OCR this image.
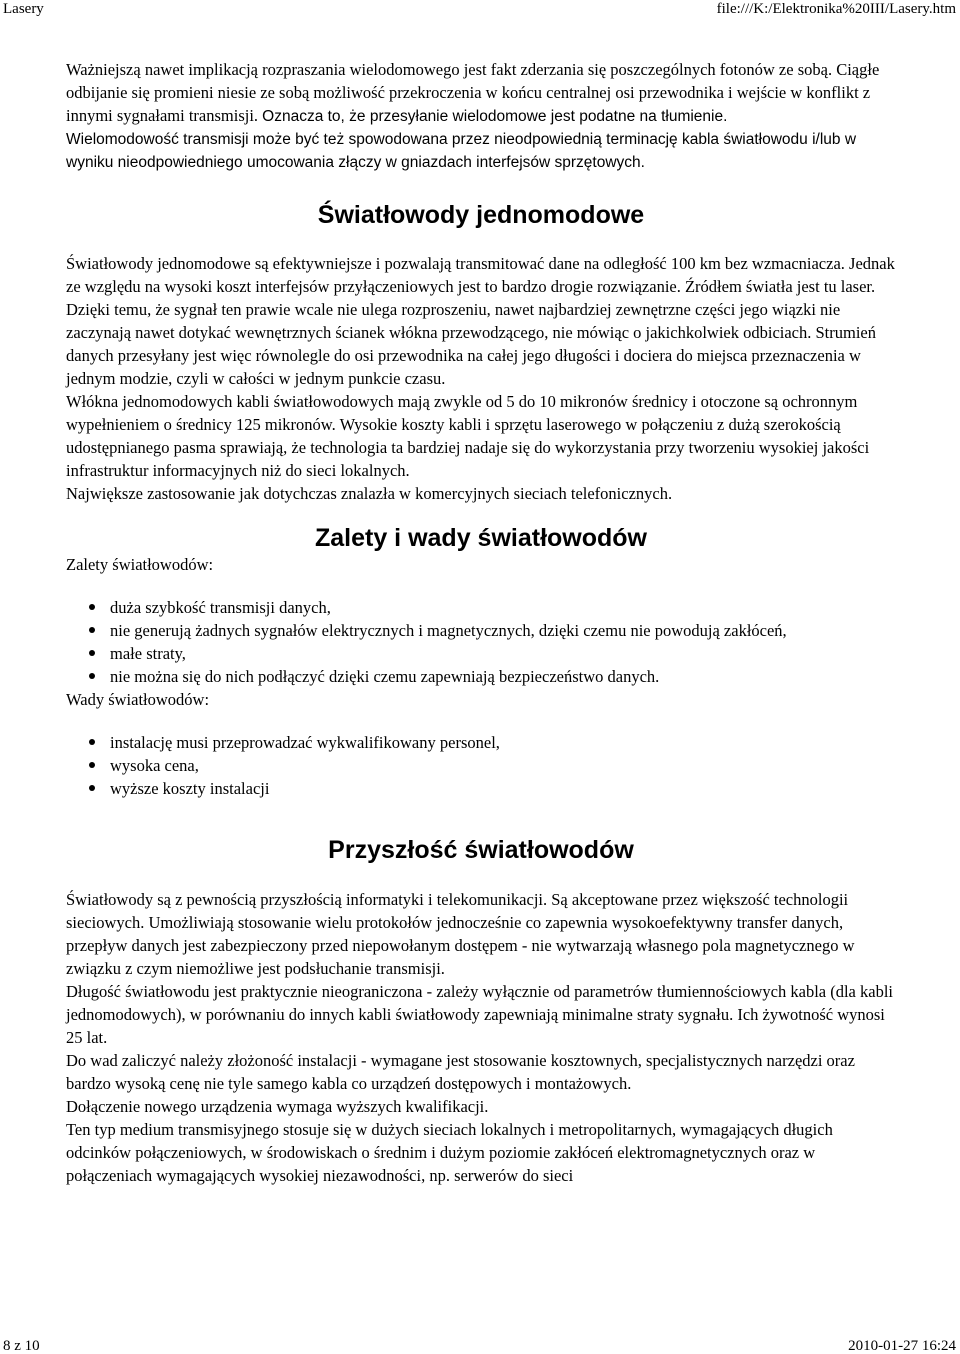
Lasery	file:///K:/Elektronika%20III/Lasery.htm

Ważniejszą nawet implikacją rozpraszania wielodomowego jest fakt zderzania się poszczególnych fotonów ze sobą. Ciągłe odbijanie się promieni niesie ze sobą możliwość przekroczenia w końcu centralnej osi przewodnika i wejście w konflikt z innymi sygnałami transmisji. Oznacza to, że przesyłanie wielodomowe jest podatne na tłumienie.

Wielomodowość transmisji może być też spowodowana przez nieodpowiednią terminację kabla światłowodu i/lub w wyniku nieodpowiedniego umocowania złączy w gniazdach interfejsów sprzętowych.

Światłowody jednomodowe

Światłowody jednomodowe są efektywniejsze i pozwalają transmitować dane na odległość 100 km bez wzmacniacza. Jednak ze względu na wysoki koszt interfejsów przyłączeniowych jest to bardzo drogie rozwiązanie. Źródłem światła jest tu laser. Dzięki temu, że sygnał ten prawie wcale nie ulega rozproszeniu, nawet najbardziej zewnętrzne części jego wiązki nie zaczynają nawet dotykać wewnętrznych ścianek włókna przewodzącego, nie mówiąc o jakichkolwiek odbiciach. Strumień danych przesyłany jest więc równolegle do osi przewodnika na całej jego długości i dociera do miejsca przeznaczenia w jednym modzie, czyli w całości w jednym punkcie czasu.

Włókna jednomodowych kabli światłowodowych mają zwykle od 5 do 10 mikronów średnicy i otoczone są ochronnym wypełnieniem o średnicy 125 mikronów. Wysokie koszty kabli i sprzętu laserowego w połączeniu z dużą szerokością udostępnianego pasma sprawiają, że technologia ta bardziej nadaje się do wykorzystania przy tworzeniu wysokiej jakości infrastruktur informacyjnych niż do sieci lokalnych.

Największe zastosowanie jak dotychczas znalazła w komercyjnych sieciach telefonicznych.

Zalety i wady światłowodów

Zalety światłowodów:

duża szybkość transmisji danych,
nie generują żadnych sygnałów elektrycznych i magnetycznych, dzięki czemu nie powodują zakłóceń,
małe straty,
nie można się do nich podłączyć dzięki czemu zapewniają bezpieczeństwo danych.

Wady światłowodów:

instalację musi przeprowadzać wykwalifikowany personel,
wysoka cena,
wyższe koszty instalacji
Przyszłość światłowodów

Światłowody są z pewnością przyszłością informatyki i telekomunikacji. Są akceptowane przez większość technologii sieciowych. Umożliwiają stosowanie wielu protokołów jednocześnie co zapewnia wysokoefektywny transfer danych, przepływ danych jest zabezpieczony przed niepowołanym dostępem - nie wytwarzają własnego pola magnetycznego w związku z czym niemożliwe jest podsłuchanie transmisji.

Długość światłowodu jest praktycznie nieograniczona - zależy wyłącznie od parametrów tłumiennościowych kabla (dla kabli jednomodowych), w porównaniu do innych kabli światłowody zapewniają minimalne straty sygnału. Ich żywotność wynosi 25 lat.

Do wad zaliczyć należy złożoność instalacji - wymagane jest stosowanie kosztownych, specjalistycznych narzędzi oraz bardzo wysoką cenę nie tyle samego kabla co urządzeń dostępowych i montażowych.

Dołączenie nowego urządzenia wymaga wyższych kwalifikacji.

Ten typ medium transmisyjnego stosuje się w dużych sieciach lokalnych i metropolitarnych, wymagających długich odcinków połączeniowych, w środowiskach o średnim i dużym poziomie zakłóceń elektromagnetycznych oraz w połączeniach wymagających wysokiej niezawodności, np. serwerów do sieci

8 z 10	2010-01-27 16:24
